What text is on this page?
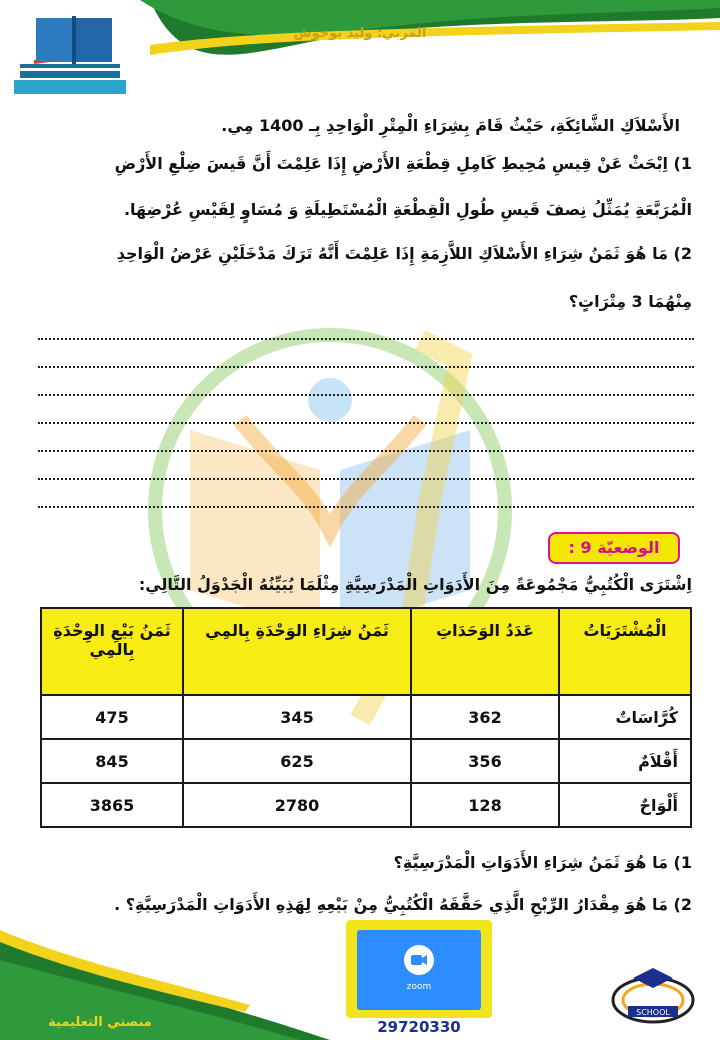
المربي: وليد بوحوش
الأَسْلاَكِ الشَّائِكَةِ، حَيْثُ قَامَ بِشِرَاءِ الْمِتْرِ الْوَاحِدِ بِـ 1400 مِي.
1) اِبْحَثْ عَنْ قِيسِ مُحِيطِ كَامِلِ قِطْعَةِ الأَرْضِ إِذَا عَلِمْتَ أَنَّ قَيسَ ضِلْعِ الأَرْضِ
الْمُرَبَّعَةِ يُمَثِّلُ نِصفَ قَيسِ طُولِ الْقِطْعَةِ الْمُسْتَطِيلَةِ وَ مُسَاوٍ لِقَيْسِ عُرْضِهَا.
2) مَا هُوَ ثَمَنُ شِرَاءِ الأَسْلاَكِ اللاَّزِمَةِ إِذَا عَلِمْتَ أَنَّهُ تَرَكَ مَدْخَلَيْنِ عَرْضُ الْوَاحِدِ
مِنْهُمَا 3 مِتْرَاتٍ؟
الوضعيّة 9 :
اِشْتَرَى الْكُتُبِيُّ مَجْمُوعَةً مِنَ الأَدَوَاتِ الْمَدْرَسِيَّةِ مِثْلَمَا يُبَيِّنُهُ الْجَدْوَلُ التَّالِي:
الْمُشْتَرَيَاتُ	عَدَدُ الوَحَدَاتِ	ثَمَنُ شِرَاءِ الوَحْدَةِ بِالمِي	ثَمَنُ بَيْعِ الوِحْدَةِ بِالمِي
كُرَّاسَاتٌ	362	345	475
أَقْلاَمٌ	356	625	845
أَلْوَاحٌ	128	2780	3865
1) مَا هُوَ ثَمَنُ شِرَاءِ الأَدَوَاتِ الْمَدْرَسِيَّةِ؟
2) مَا هُوَ مِقْدَارُ الرِّبْحِ الَّذِي حَقَّقَهُ الْكُتُبِيُّ مِنْ بَيْعِهِ لِهَذِهِ الأَدَوَاتِ الْمَدْرَسِيَّةِ؟ .
منصتي التعليمية
zoom
29720330
SCHOOL
